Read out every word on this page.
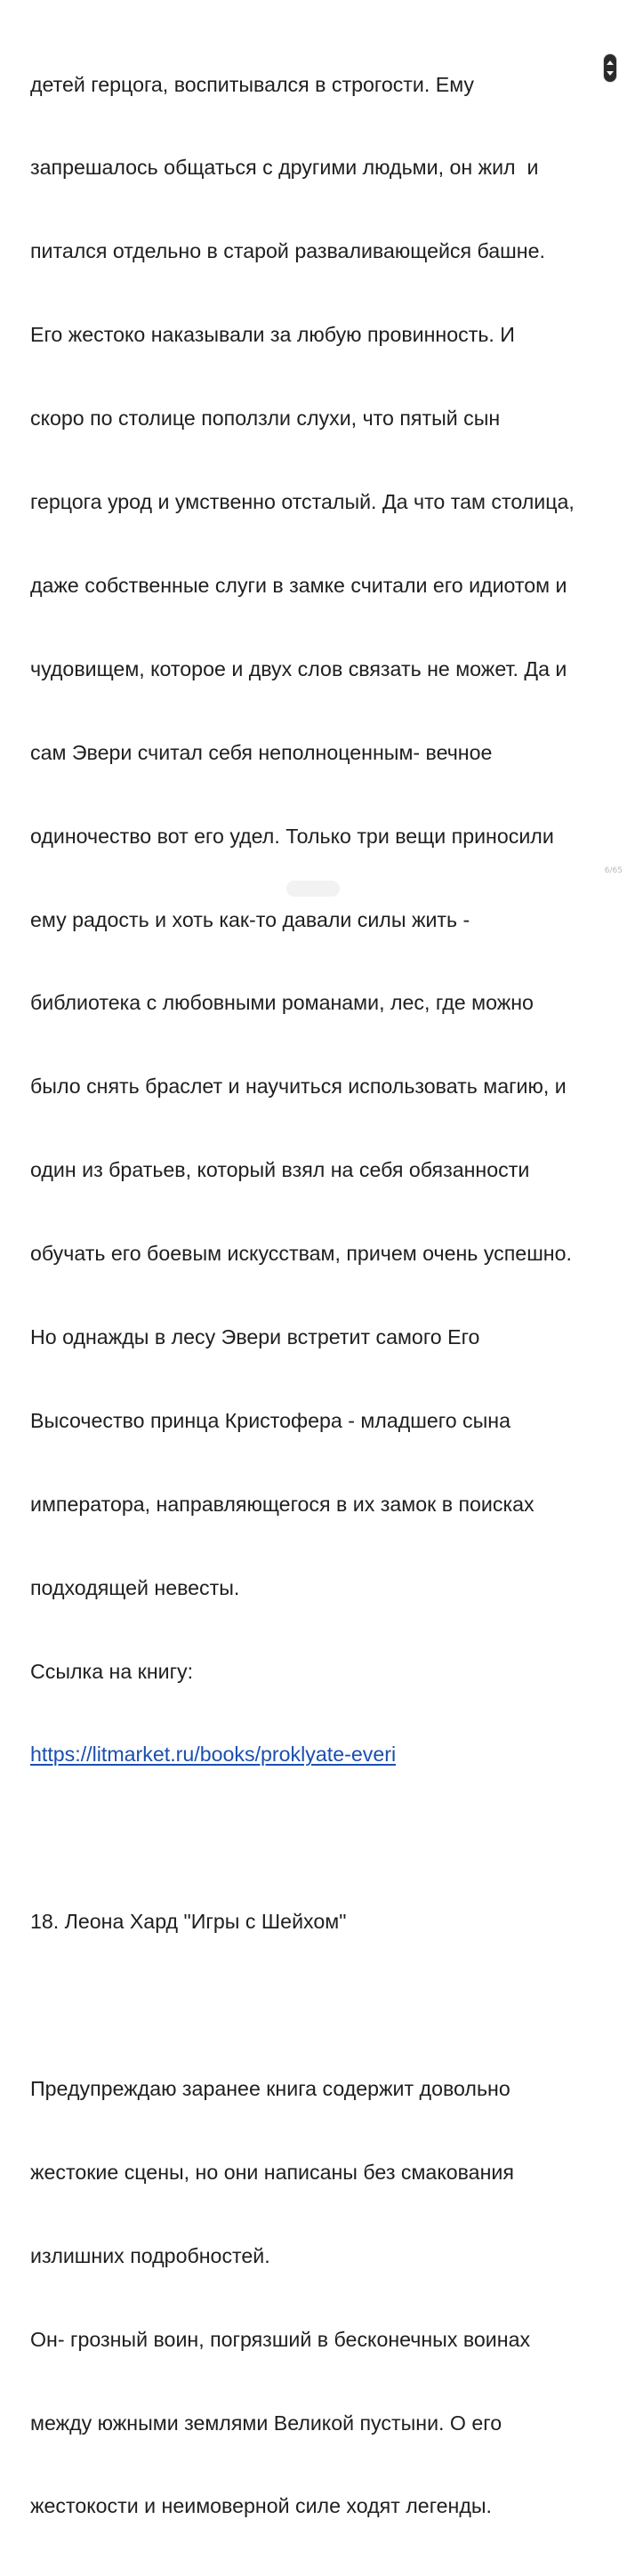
детей герцога, воспитывался в строгости. Ему

запрешалось общаться с другими людьми, он жил  и

питался отдельно в старой разваливающейся башне.

Его жестоко наказывали за любую провинность. И

скоро по столице поползли слухи, что пятый сын

герцога урод и умственно отсталый. Да что там столица,

даже собственные слуги в замке считали его идиотом и

чудовищем, которое и двух слов связать не может. Да и

сам Эвери считал себя неполноценным- вечное

одиночество вот его удел. Только три вещи приносили

ему радость и хоть как-то давали силы жить -

библиотека с любовными романами, лес, где можно

было снять браслет и научиться использовать магию, и

один из братьев, который взял на себя обязанности

обучать его боевым искусствам, причем очень успешно.

Но однажды в лесу Эвери встретит самого Его

Высочество принца Кристофера - младшего сына

императора, направляющегося в их замок в поисках

подходящей невесты.

Ссылка на книгу:

https://litmarket.ru/books/proklyate-everi

18. Леона Хард "Игры с Шейхом"

Предупреждаю заранее книга содержит довольно

жестокие сцены, но они написаны без смакования

излишних подробностей.

Он- грозный воин, погрязший в бесконечных воинах

между южными землями Великой пустыни. О его

жестокости и неимоверной силе ходят легенды.

6/65
